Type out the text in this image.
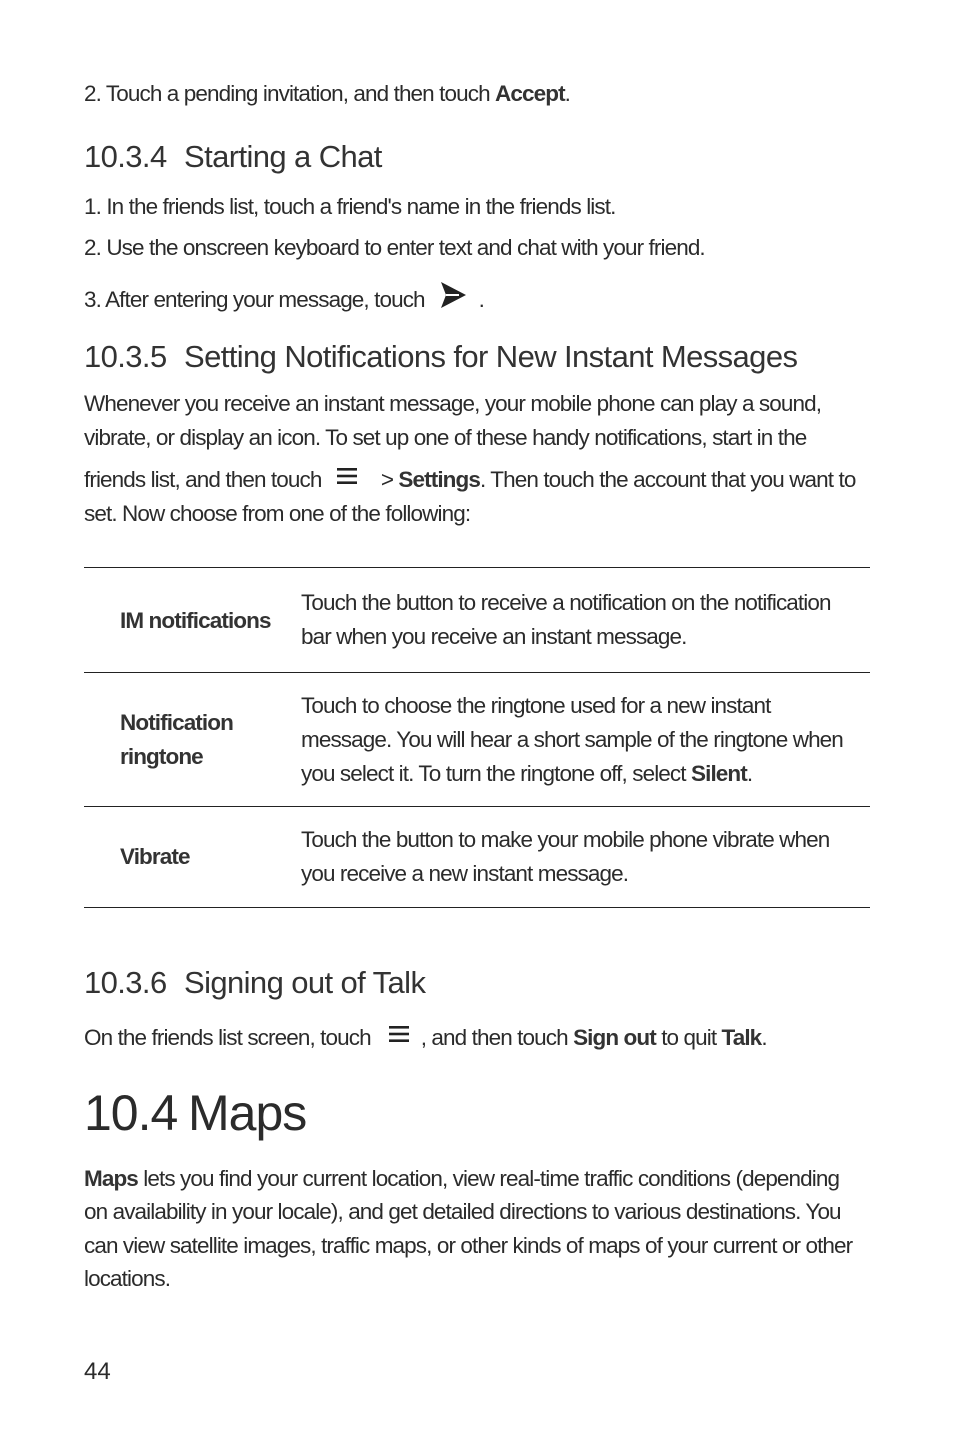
2. Touch a pending invitation, and then touch Accept.
10.3.4 Starting a Chat
1. In the friends list, touch a friend's name in the friends list.
2. Use the onscreen keyboard to enter text and chat with your friend.
3. After entering your message, touch .
10.3.5 Setting Notifications for New Instant Messages
Whenever you receive an instant message, your mobile phone can play a sound,
vibrate, or display an icon. To set up one of these handy notifications, start in the
friends list, and then touch > Settings. Then touch the account that you want to
set. Now choose from one of the following:
IM notifications	Touch the button to receive a notification on the notification bar when you receive an instant message.
Notification ringtone	Touch to choose the ringtone used for a new instant message. You will hear a short sample of the ringtone when you select it. To turn the ringtone off, select Silent.
Vibrate	Touch the button to make your mobile phone vibrate when you receive a new instant message.
10.3.6 Signing out of Talk
On the friends list screen, touch , and then touch Sign out to quit Talk.
10.4 Maps
Maps lets you find your current location, view real-time traffic conditions (depending
on availability in your locale), and get detailed directions to various destinations. You
can view satellite images, traffic maps, or other kinds of maps of your current or other
locations.
44
